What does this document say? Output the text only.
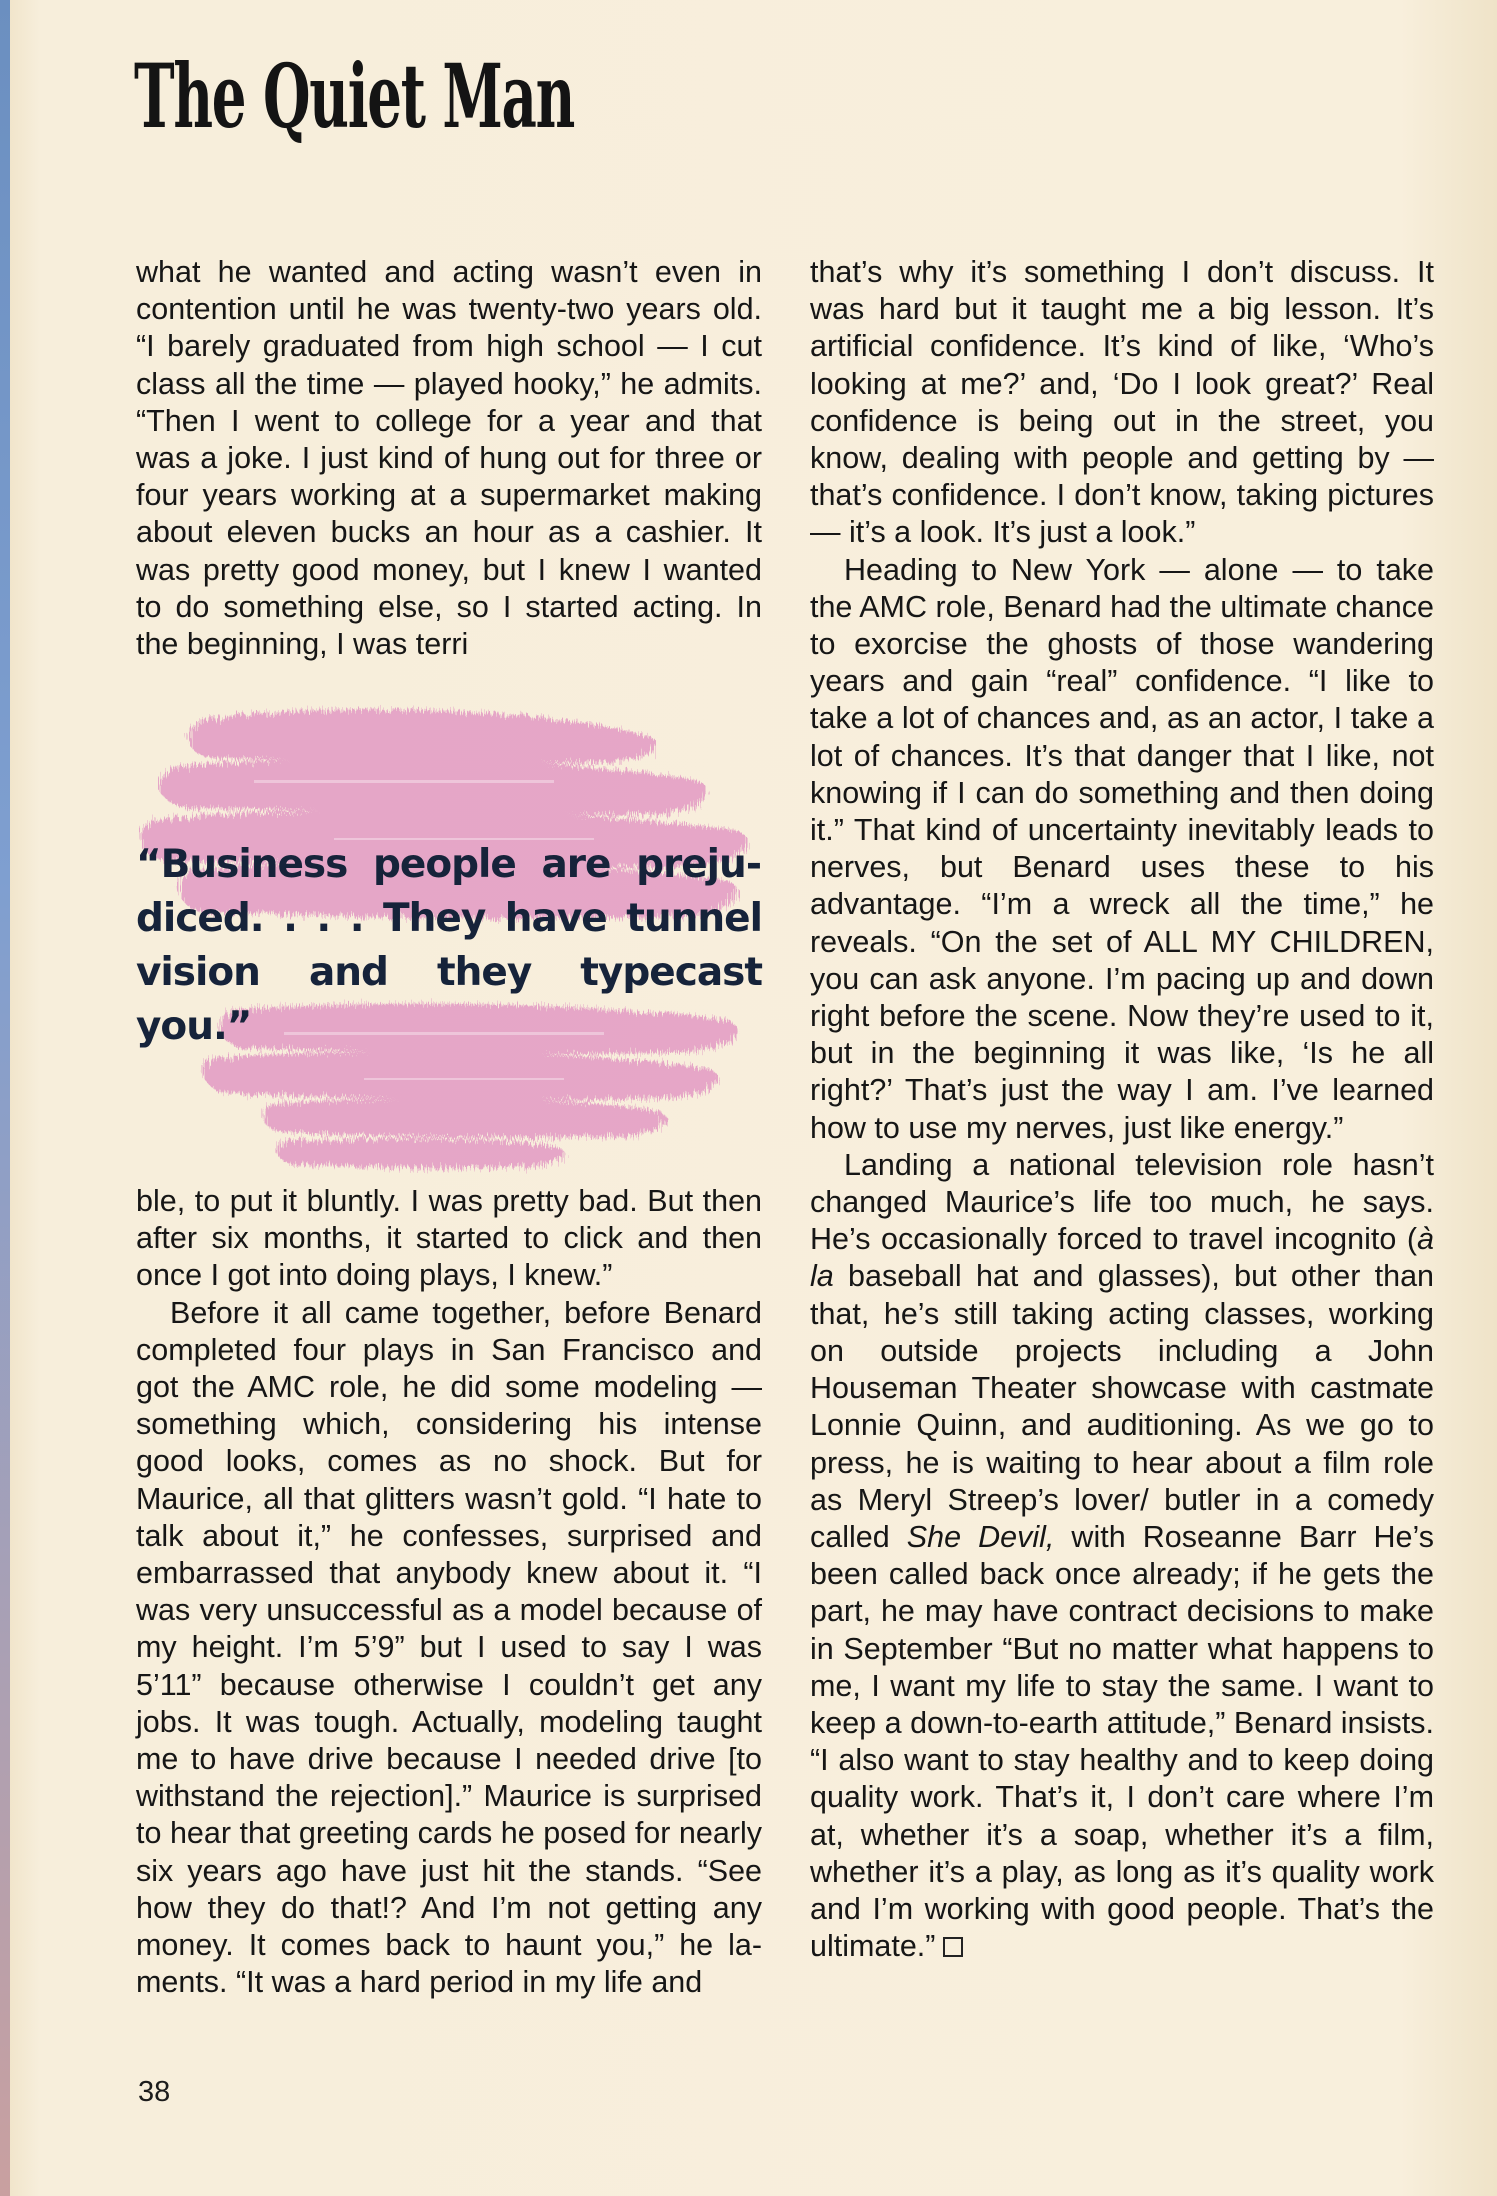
The Quiet Man

what he wanted and acting wasn’t even in contention until he was twenty-two years old. “I barely graduated from high school — I cut class all the time — played hooky,” he admits. “Then I went to college for a year and that was a joke. I just kind of hung out for three or four years working at a supermarket making about eleven bucks an hour as a cashier. It was pretty good money, but I knew I wanted to do something else, so I started acting. In the beginning, I was terri

“Business people are prejudiced. . . . They have tunnel vision and they typecast you.”

ble, to put it bluntly. I was pretty bad. But then after six months, it started to click and then once I got into doing plays, I knew.”

Before it all came together, before Benard completed four plays in San Francisco and got the AMC role, he did some modeling — something which, considering his intense good looks, comes as no shock. But for Maurice, all that glitters wasn’t gold. “I hate to talk about it,” he confesses, surprised and embarrassed that anybody knew about it. “I was very unsuccessful as a model because of my height. I’m 5’9” but I used to say I was 5’11” because otherwise I couldn’t get any jobs. It was tough. Actually, modeling taught me to have drive because I needed drive [to withstand the rejection].” Maurice is surprised to hear that greeting cards he posed for nearly six years ago have just hit the stands. “See how they do that!? And I’m not getting any money. It comes back to haunt you,” he laments. “It was a hard period in my life and

that’s why it’s something I don’t discuss. It was hard but it taught me a big lesson. It’s artificial confidence. It’s kind of like, ‘Who’s looking at me?’ and, ‘Do I look great?’ Real confidence is being out in the street, you know, dealing with people and getting by — that’s confidence. I don’t know, taking pictures — it’s a look. It’s just a look.”

Heading to New York — alone — to take the AMC role, Benard had the ultimate chance to exorcise the ghosts of those wandering years and gain “real” confidence. “I like to take a lot of chances and, as an actor, I take a lot of chances. It’s that danger that I like, not knowing if I can do something and then doing it.” That kind of uncertainty inevitably leads to nerves, but Benard uses these to his advantage. “I’m a wreck all the time,” he reveals. “On the set of ALL MY CHILDREN, you can ask anyone. I’m pacing up and down right before the scene. Now they’re used to it, but in the beginning it was like, ‘Is he all right?’ That’s just the way I am. I’ve learned how to use my nerves, just like energy.”

Landing a national television role hasn’t changed Maurice’s life too much, he says. He’s occasionally forced to travel incognito (à la baseball hat and glasses), but other than that, he’s still taking acting classes, working on outside projects including a John Houseman Theater showcase with castmate Lonnie Quinn, and auditioning. As we go to press, he is waiting to hear about a film role as Meryl Streep’s lover/ butler in a comedy called She Devil, with Roseanne Barr He’s been called back once already; if he gets the part, he may have contract decisions to make in September “But no matter what happens to me, I want my life to stay the same. I want to keep a down-to-earth attitude,” Benard insists. “I also want to stay healthy and to keep doing quality work. That’s it, I don’t care where I’m at, whether it’s a soap, whether it’s a film, whether it’s a play, as long as it’s quality work and I’m working with good people. That’s the ultimate.”

38
